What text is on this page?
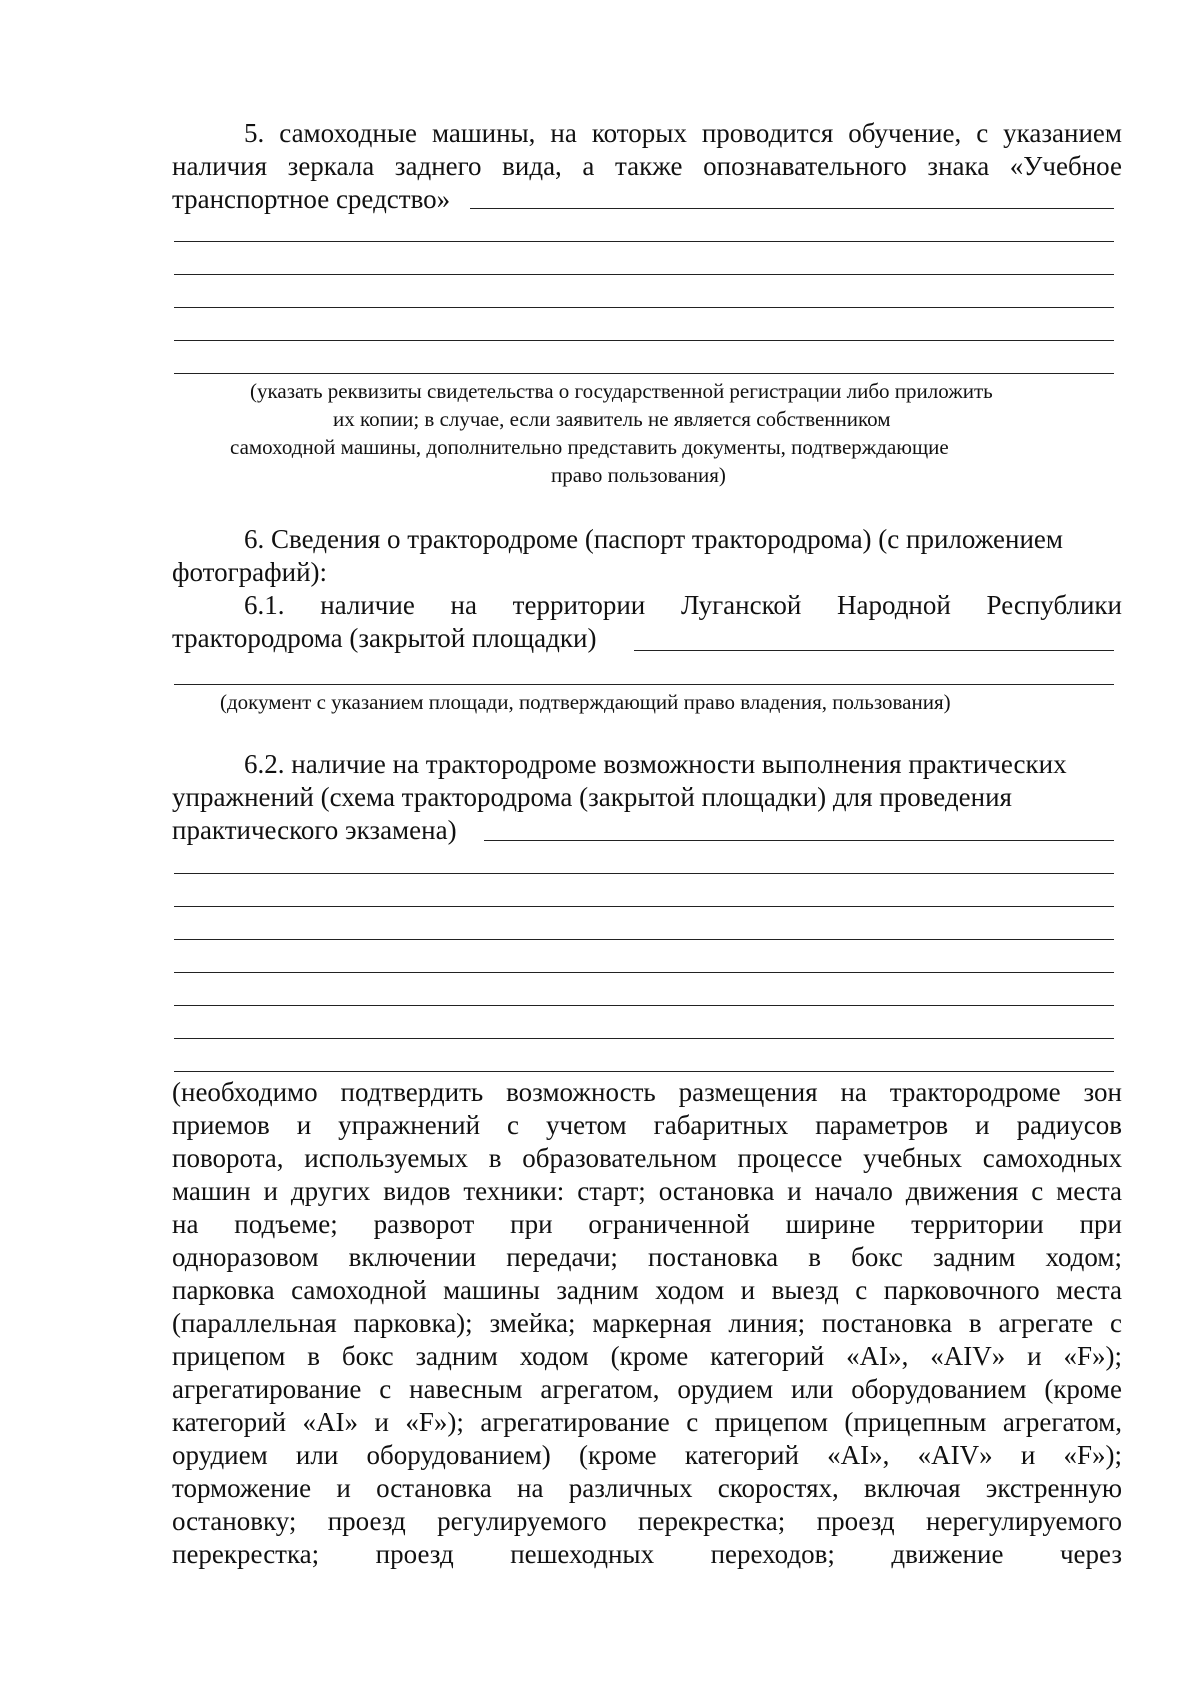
5. самоходные машины, на которых проводится обучение, с указанием
наличия зеркала заднего вида, а также опознавательного знака «Учебное
транспортное средство»
(указать реквизиты свидетельства о государственной регистрации либо приложить
их копии; в случае, если заявитель не является собственником
самоходной машины, дополнительно представить документы, подтверждающие
право пользования)
6. Сведения о трактородроме (паспорт трактородрома) (с приложением
фотографий):
6.1. наличие на территории Луганской Народной Республики
трактородрома (закрытой площадки)
(документ с указанием площади, подтверждающий право владения, пользования)
6.2. наличие на трактородроме возможности выполнения практических
упражнений (схема трактородрома (закрытой площадки) для проведения
практического экзамена)
(необходимо подтвердить возможность размещения на трактородроме зон
приемов и упражнений с учетом габаритных параметров и радиусов
поворота, используемых в образовательном процессе учебных самоходных
машин и других видов техники: старт; остановка и начало движения с места
на подъеме; разворот при ограниченной ширине территории при
одноразовом включении передачи; постановка в бокс задним ходом;
парковка самоходной машины задним ходом и выезд с парковочного места
(параллельная парковка); змейка; маркерная линия; постановка в агрегате с
прицепом в бокс задним ходом (кроме категорий «AI», «AIV» и «F»);
агрегатирование с навесным агрегатом, орудием или оборудованием (кроме
категорий «AI» и «F»); агрегатирование с прицепом (прицепным агрегатом,
орудием или оборудованием) (кроме категорий «AI», «AIV» и «F»);
торможение и остановка на различных скоростях, включая экстренную
остановку; проезд регулируемого перекрестка; проезд нерегулируемого
перекрестка; проезд пешеходных переходов; движение через
